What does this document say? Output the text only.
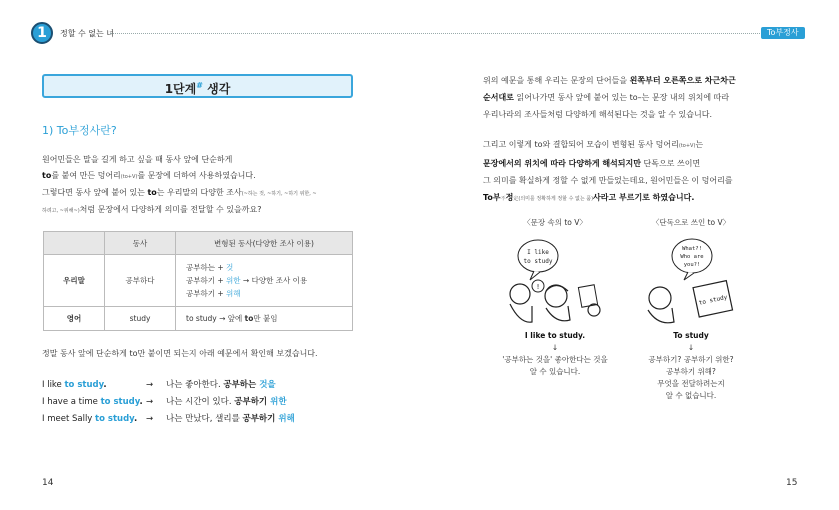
1	정할 수 없는 너	To부정사
1단계# 생각
1) To부정사란?
원어민들은 말을 길게 하고 싶을 때 동사 앞에 단순하게
to를 붙여 만든 덩어리(to+V)를 문장에 더하여 사용하였습니다.
그렇다면 동사 앞에 붙어 있는 to는 우리말의 다양한 조사(~하는 것, ~하기, ~하기 위한, ~
하려고, ~위해~)처럼 문장에서 다양하게 의미를 전달할 수 있을까요?
	동사	변형된 동사(다양한 조사 이용)
우리말	공부하다	공부하는 + 것
공부하기 + 위한 → 다양한 조사 이용
공부하기 + 위해

영어	study	to study → 앞에 to만 붙임
정말 동사 앞에 단순하게 to만 붙이면 되는지 아래 예문에서 확인해 보겠습니다.
I like to study.	→ 나는 좋아한다. 공부하는 것을
I have a time to study. → 나는 시간이 있다. 공부하기 위한
I meet Sally to study. → 나는 만났다, 샐리를 공부하기 위해
14
위의 예문을 통해 우리는 문장의 단어들을 왼쪽부터 오른쪽으로 차근차근
순서대로 읽어나가면 동사 앞에 붙어 있는 to–는 문장 내의 위치에 따라
우리나라의 조사들처럼 다양하게 해석된다는 것을 알 수 있습니다.
그리고 이렇게 to와 결합되어 모습이 변형된 동사 덩어리(to+V)는
문장에서의 위치에 따라 다양하게 해석되지만 단독으로 쓰이면
그 의미를 확실하게 정할 수 없게 만들었는데요, 원어민들은 이 덩어리를
To부不정定(의미를 정확하게 정할 수 없는 품)사라고 부르기로 하였습니다.
〈문장 속의 to V〉
I like
to study
!
I like to study.
↓
'공부하는 것을' 좋아한다는 것을
알 수 있습니다.
〈단독으로 쓰인 to V〉
What?!
Who are
you?!
to study
To study
↓
공부하기? 공부하기 위한?
공부하기 위해?
무엇을 전달하려는지
알 수 없습니다.
15
